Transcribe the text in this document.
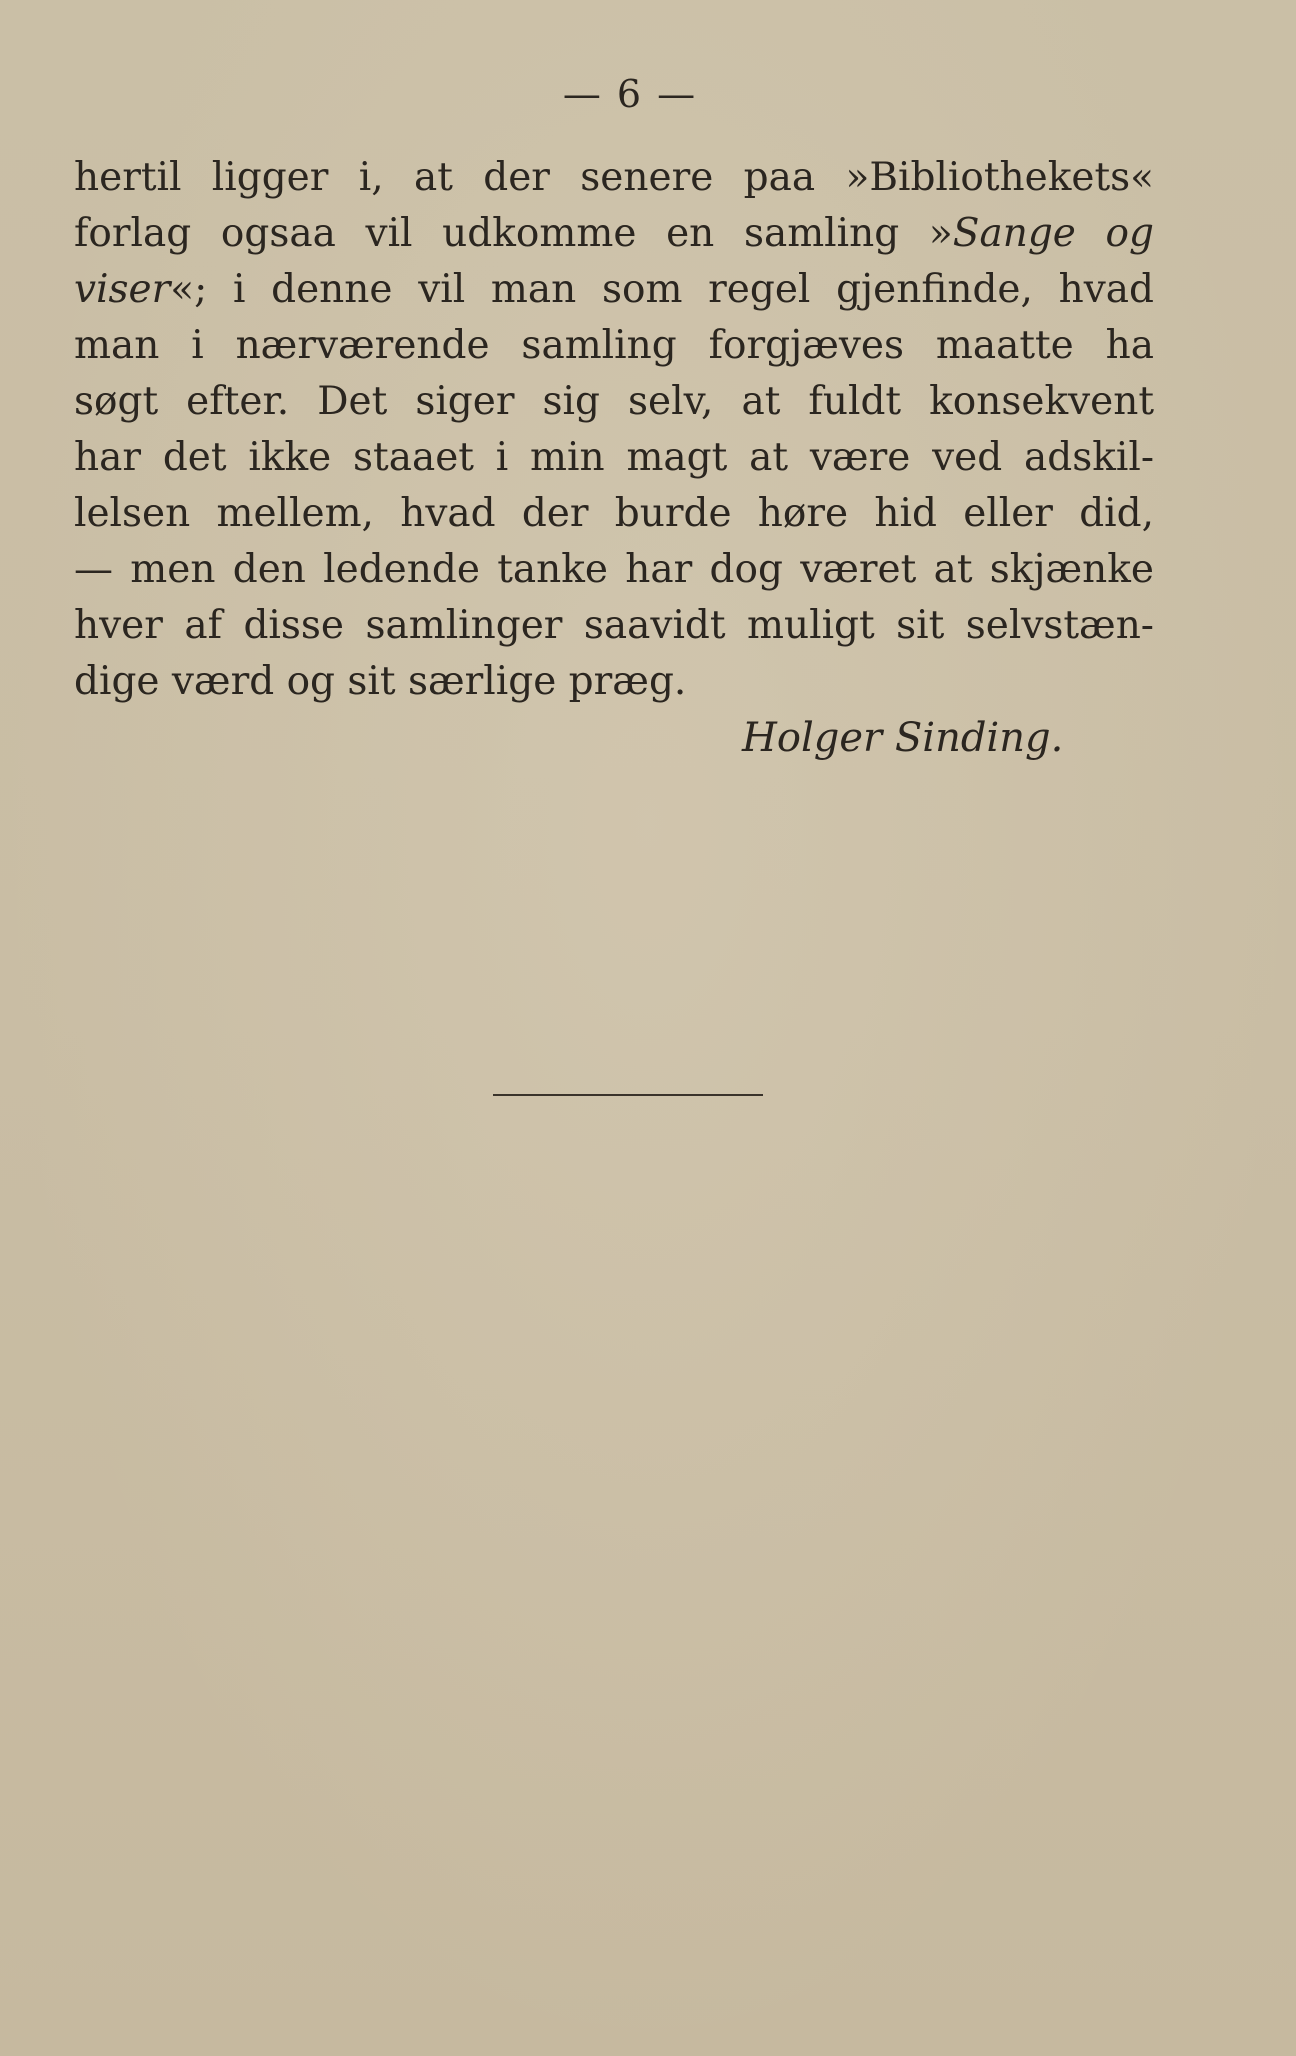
— 6 —
hertil ligger i, at der senere paa »Bibliothekets«
forlag ogsaa vil udkomme en samling »Sange og
viser«; i denne vil man som regel gjenfinde, hvad
man i nærværende samling forgjæves maatte ha
søgt efter. Det siger sig selv, at fuldt konsekvent
har det ikke staaet i min magt at være ved adskil-
lelsen mellem, hvad der burde høre hid eller did,
— men den ledende tanke har dog været at skjænke
hver af disse samlinger saavidt muligt sit selvstæn-
dige værd og sit særlige præg.
Holger Sinding.
